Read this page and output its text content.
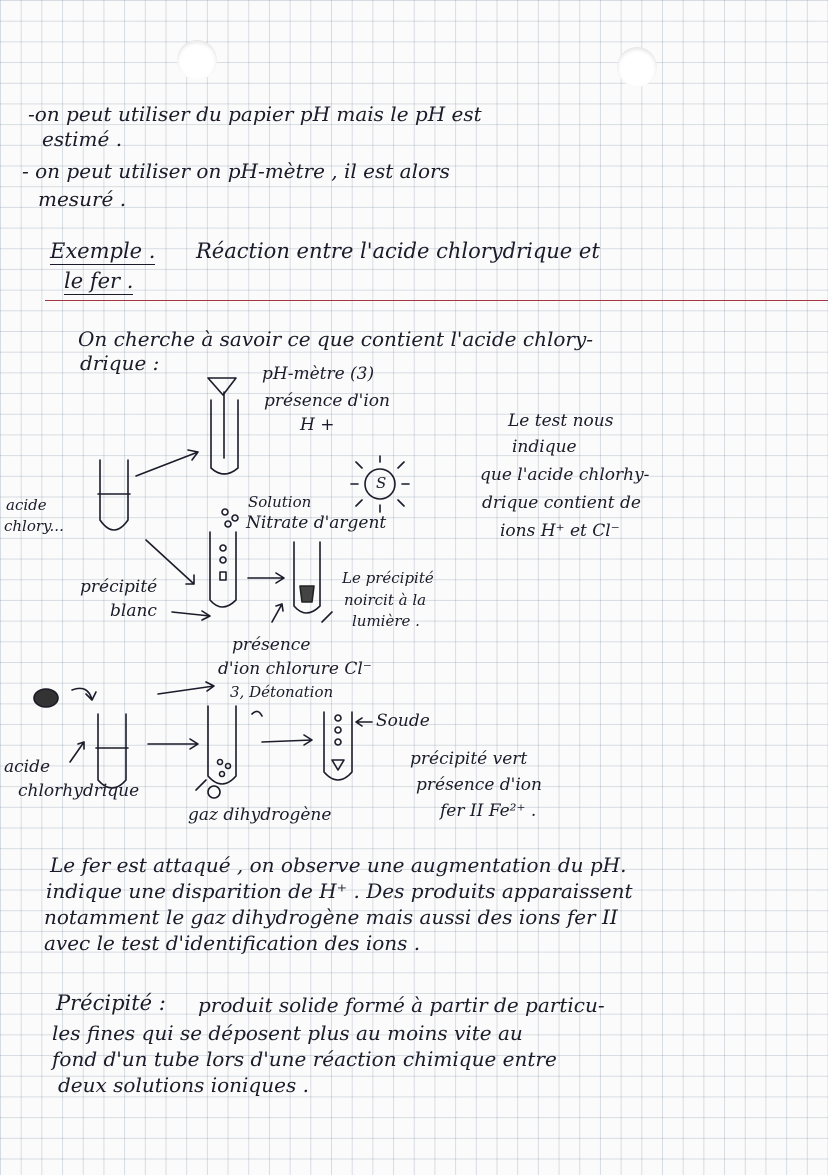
-on peut utiliser du papier pH mais le pH est
estimé .
- on peut utiliser on pH-mètre , il est alors
mesuré .
Exemple . Réaction entre l'acide chlorydrique et
le fer .
On cherche à savoir ce que contient l'acide chlory-
drique :	pH-mètre (3)
présence d'ion
H +
S
Solution
Nitrate d'argent
acide
chlory...
précipité
blanc
Le précipité
noircit à la
lumière .
présence
d'ion chlorure Cl⁻
3, Détonation
Le test nous
indique
que l'acide chlorhy-
drique contient de
ions H⁺ et Cl⁻
Soude
acide
chlorhydrique
gaz dihydrogène
précipité vert
présence d'ion
fer II Fe²⁺ .
Le fer est attaqué , on observe une augmentation du pH.
indique une disparition de H⁺ . Des produits apparaissent
notamment le gaz dihydrogène mais aussi des ions fer II
avec le test d'identification des ions .
Précipité : produit solide formé à partir de particu-
les fines qui se déposent plus au moins vite au
fond d'un tube lors d'une réaction chimique entre
deux solutions ioniques .
